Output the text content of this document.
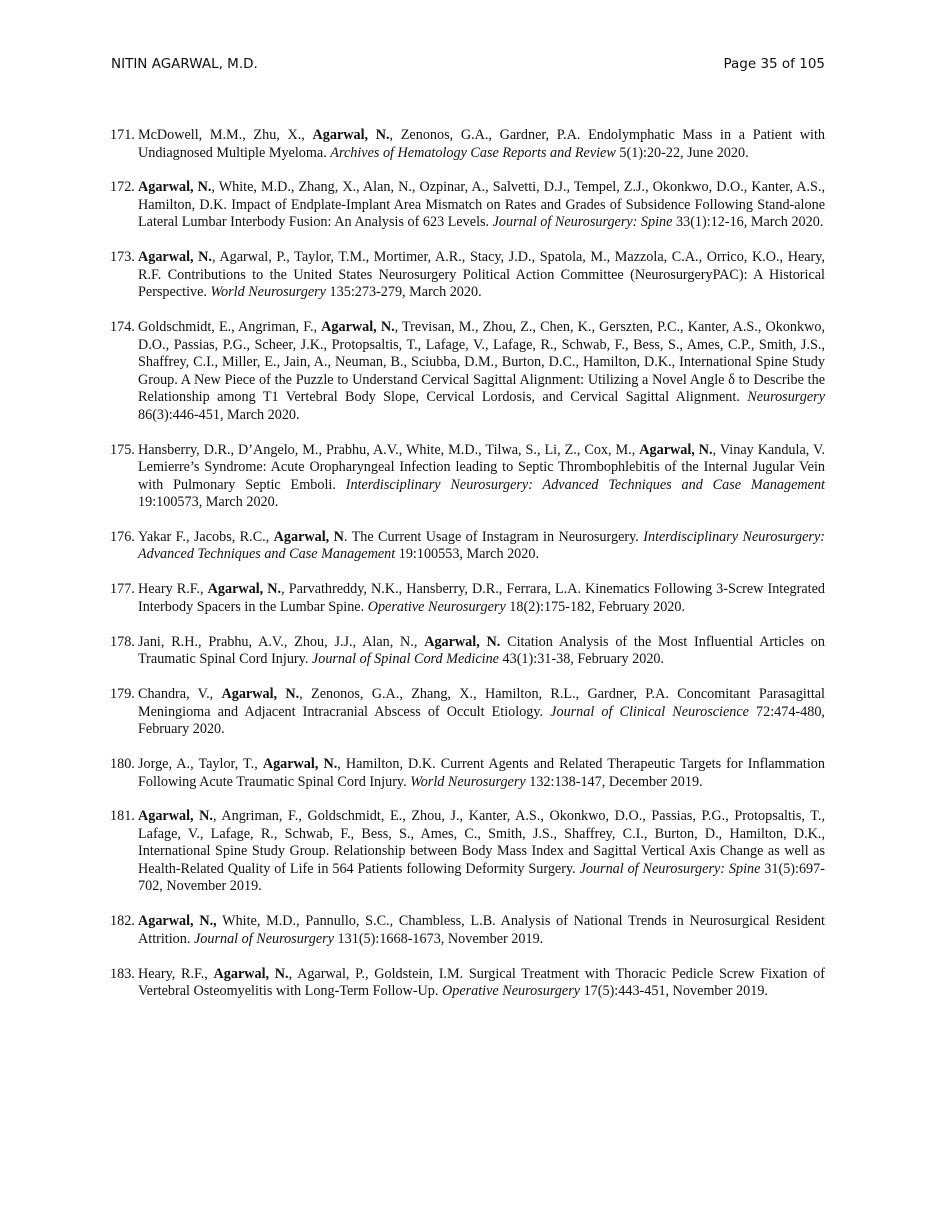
NITIN AGARWAL, M.D.	Page 35 of 105
171. McDowell, M.M., Zhu, X., Agarwal, N., Zenonos, G.A., Gardner, P.A. Endolymphatic Mass in a Patient with Undiagnosed Multiple Myeloma. Archives of Hematology Case Reports and Review 5(1):20-22, June 2020.
172. Agarwal, N., White, M.D., Zhang, X., Alan, N., Ozpinar, A., Salvetti, D.J., Tempel, Z.J., Okonkwo, D.O., Kanter, A.S., Hamilton, D.K. Impact of Endplate-Implant Area Mismatch on Rates and Grades of Subsidence Following Stand-alone Lateral Lumbar Interbody Fusion: An Analysis of 623 Levels. Journal of Neurosurgery: Spine 33(1):12-16, March 2020.
173. Agarwal, N., Agarwal, P., Taylor, T.M., Mortimer, A.R., Stacy, J.D., Spatola, M., Mazzola, C.A., Orrico, K.O., Heary, R.F. Contributions to the United States Neurosurgery Political Action Committee (NeurosurgeryPAC): A Historical Perspective. World Neurosurgery 135:273-279, March 2020.
174. Goldschmidt, E., Angriman, F., Agarwal, N., Trevisan, M., Zhou, Z., Chen, K., Gerszten, P.C., Kanter, A.S., Okonkwo, D.O., Passias, P.G., Scheer, J.K., Protopsaltis, T., Lafage, V., Lafage, R., Schwab, F., Bess, S., Ames, C.P., Smith, J.S., Shaffrey, C.I., Miller, E., Jain, A., Neuman, B., Sciubba, D.M., Burton, D.C., Hamilton, D.K., International Spine Study Group. A New Piece of the Puzzle to Understand Cervical Sagittal Alignment: Utilizing a Novel Angle δ to Describe the Relationship among T1 Vertebral Body Slope, Cervical Lordosis, and Cervical Sagittal Alignment. Neurosurgery 86(3):446-451, March 2020.
175. Hansberry, D.R., D’Angelo, M., Prabhu, A.V., White, M.D., Tilwa, S., Li, Z., Cox, M., Agarwal, N., Vinay Kandula, V. Lemierre’s Syndrome: Acute Oropharyngeal Infection leading to Septic Thrombophlebitis of the Internal Jugular Vein with Pulmonary Septic Emboli. Interdisciplinary Neurosurgery: Advanced Techniques and Case Management 19:100573, March 2020.
176. Yakar F., Jacobs, R.C., Agarwal, N. The Current Usage of Instagram in Neurosurgery. Interdisciplinary Neurosurgery: Advanced Techniques and Case Management 19:100553, March 2020.
177. Heary R.F., Agarwal, N., Parvathreddy, N.K., Hansberry, D.R., Ferrara, L.A. Kinematics Following 3-Screw Integrated Interbody Spacers in the Lumbar Spine. Operative Neurosurgery 18(2):175-182, February 2020.
178. Jani, R.H., Prabhu, A.V., Zhou, J.J., Alan, N., Agarwal, N. Citation Analysis of the Most Influential Articles on Traumatic Spinal Cord Injury. Journal of Spinal Cord Medicine 43(1):31-38, February 2020.
179. Chandra, V., Agarwal, N., Zenonos, G.A., Zhang, X., Hamilton, R.L., Gardner, P.A. Concomitant Parasagittal Meningioma and Adjacent Intracranial Abscess of Occult Etiology. Journal of Clinical Neuroscience 72:474-480, February 2020.
180. Jorge, A., Taylor, T., Agarwal, N., Hamilton, D.K. Current Agents and Related Therapeutic Targets for Inflammation Following Acute Traumatic Spinal Cord Injury. World Neurosurgery 132:138-147, December 2019.
181. Agarwal, N., Angriman, F., Goldschmidt, E., Zhou, J., Kanter, A.S., Okonkwo, D.O., Passias, P.G., Protopsaltis, T., Lafage, V., Lafage, R., Schwab, F., Bess, S., Ames, C., Smith, J.S., Shaffrey, C.I., Burton, D., Hamilton, D.K., International Spine Study Group. Relationship between Body Mass Index and Sagittal Vertical Axis Change as well as Health-Related Quality of Life in 564 Patients following Deformity Surgery. Journal of Neurosurgery: Spine 31(5):697-702, November 2019.
182. Agarwal, N., White, M.D., Pannullo, S.C., Chambless, L.B. Analysis of National Trends in Neurosurgical Resident Attrition. Journal of Neurosurgery 131(5):1668-1673, November 2019.
183. Heary, R.F., Agarwal, N., Agarwal, P., Goldstein, I.M. Surgical Treatment with Thoracic Pedicle Screw Fixation of Vertebral Osteomyelitis with Long-Term Follow-Up. Operative Neurosurgery 17(5):443-451, November 2019.
